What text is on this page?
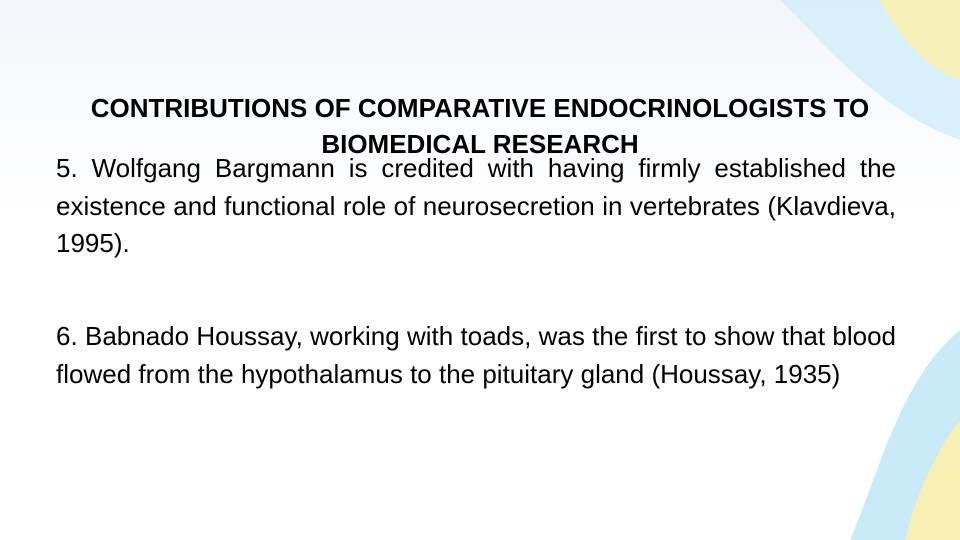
CONTRIBUTIONS OF COMPARATIVE ENDOCRINOLOGISTS TO BIOMEDICAL RESEARCH

5. Wolfgang Bargmann is credited with having firmly established the existence and functional role of neurosecretion in vertebrates (Klavdieva, 1995).

6. Babnado Houssay, working with toads, was the first to show that blood flowed from the hypothalamus to the pituitary gland (Houssay, 1935)
